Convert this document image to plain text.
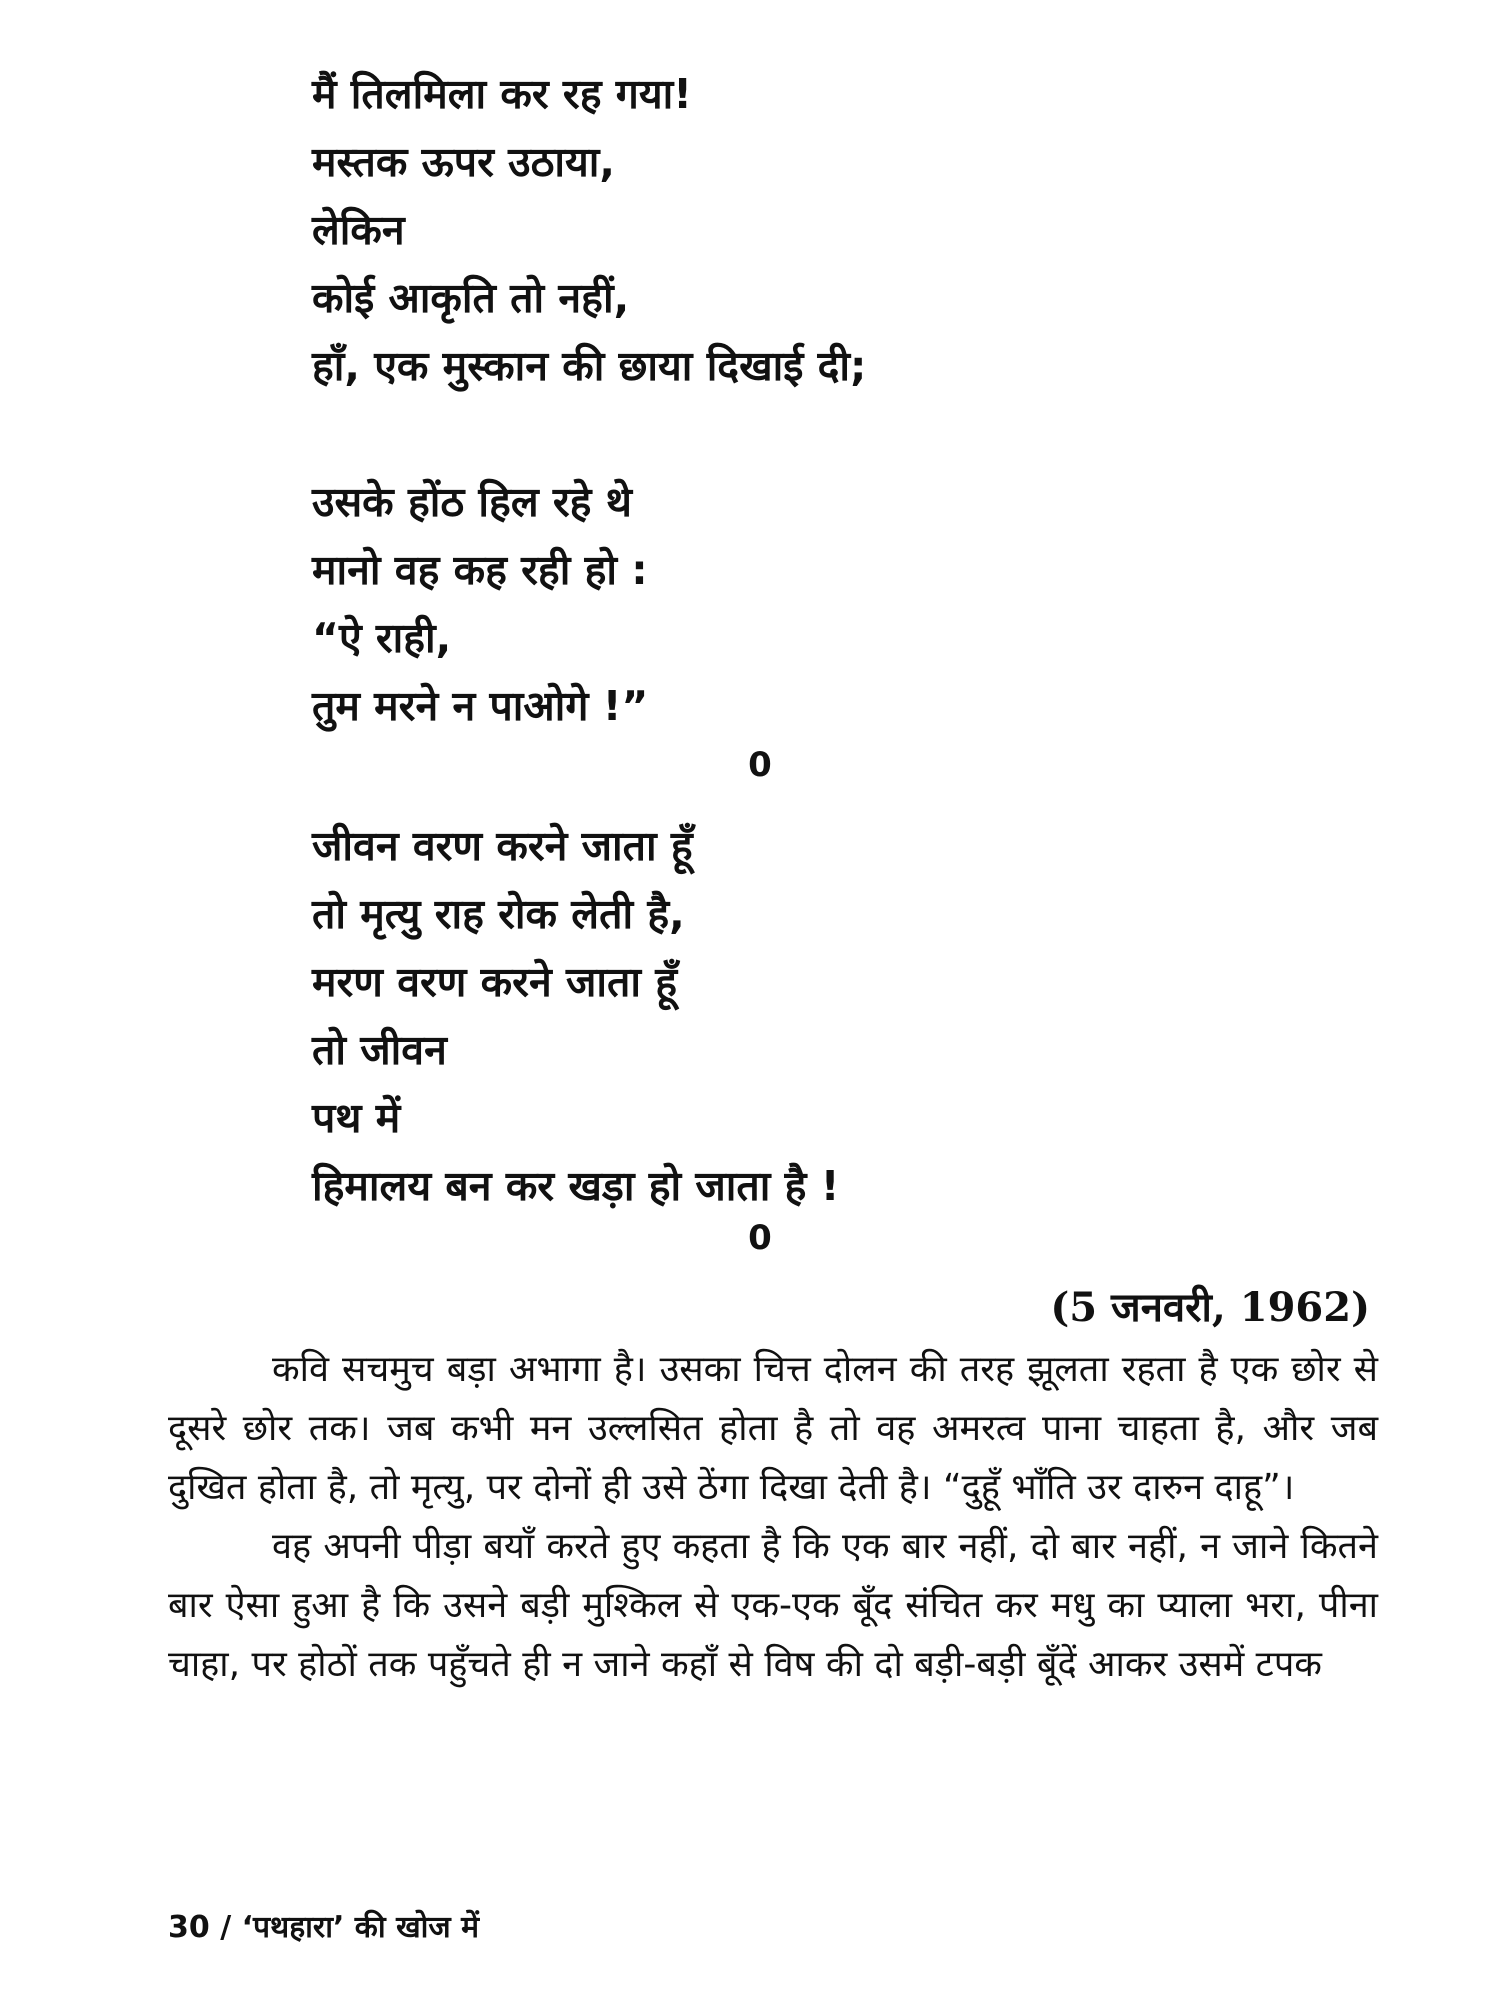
मैं तिलमिला कर रह गया!
मस्तक ऊपर उठाया,
लेकिन
कोई आकृति तो नहीं,
हाँ, एक मुस्कान की छाया दिखाई दी;
उसके होंठ हिल रहे थे
मानो वह कह रही हो :
“ऐ राही,
तुम मरने न पाओगे !”
0
जीवन वरण करने जाता हूँ
तो मृत्यु राह रोक लेती है,
मरण वरण करने जाता हूँ
तो जीवन
पथ में
हिमालय बन कर खड़ा हो जाता है !
0
(5 जनवरी, 1962)

कवि सचमुच बड़ा अभागा है। उसका चित्त दोलन की तरह झूलता रहता है एक छोर से दूसरे छोर तक। जब कभी मन उल्लसित होता है तो वह अमरत्व पाना चाहता है, और जब दुखित होता है, तो मृत्यु, पर दोनों ही उसे ठेंगा दिखा देती है। “दुहूँ भाँति उर दारुन दाहू”।

वह अपनी पीड़ा बयाँ करते हुए कहता है कि एक बार नहीं, दो बार नहीं, न जाने कितने बार ऐसा हुआ है कि उसने बड़ी मुश्किल से एक-एक बूँद संचित कर मधु का प्याला भरा, पीना चाहा, पर होठों तक पहुँचते ही न जाने कहाँ से विष की दो बड़ी-बड़ी बूँदें आकर उसमें टपक

30 / ‘पथहारा’ की खोज में
